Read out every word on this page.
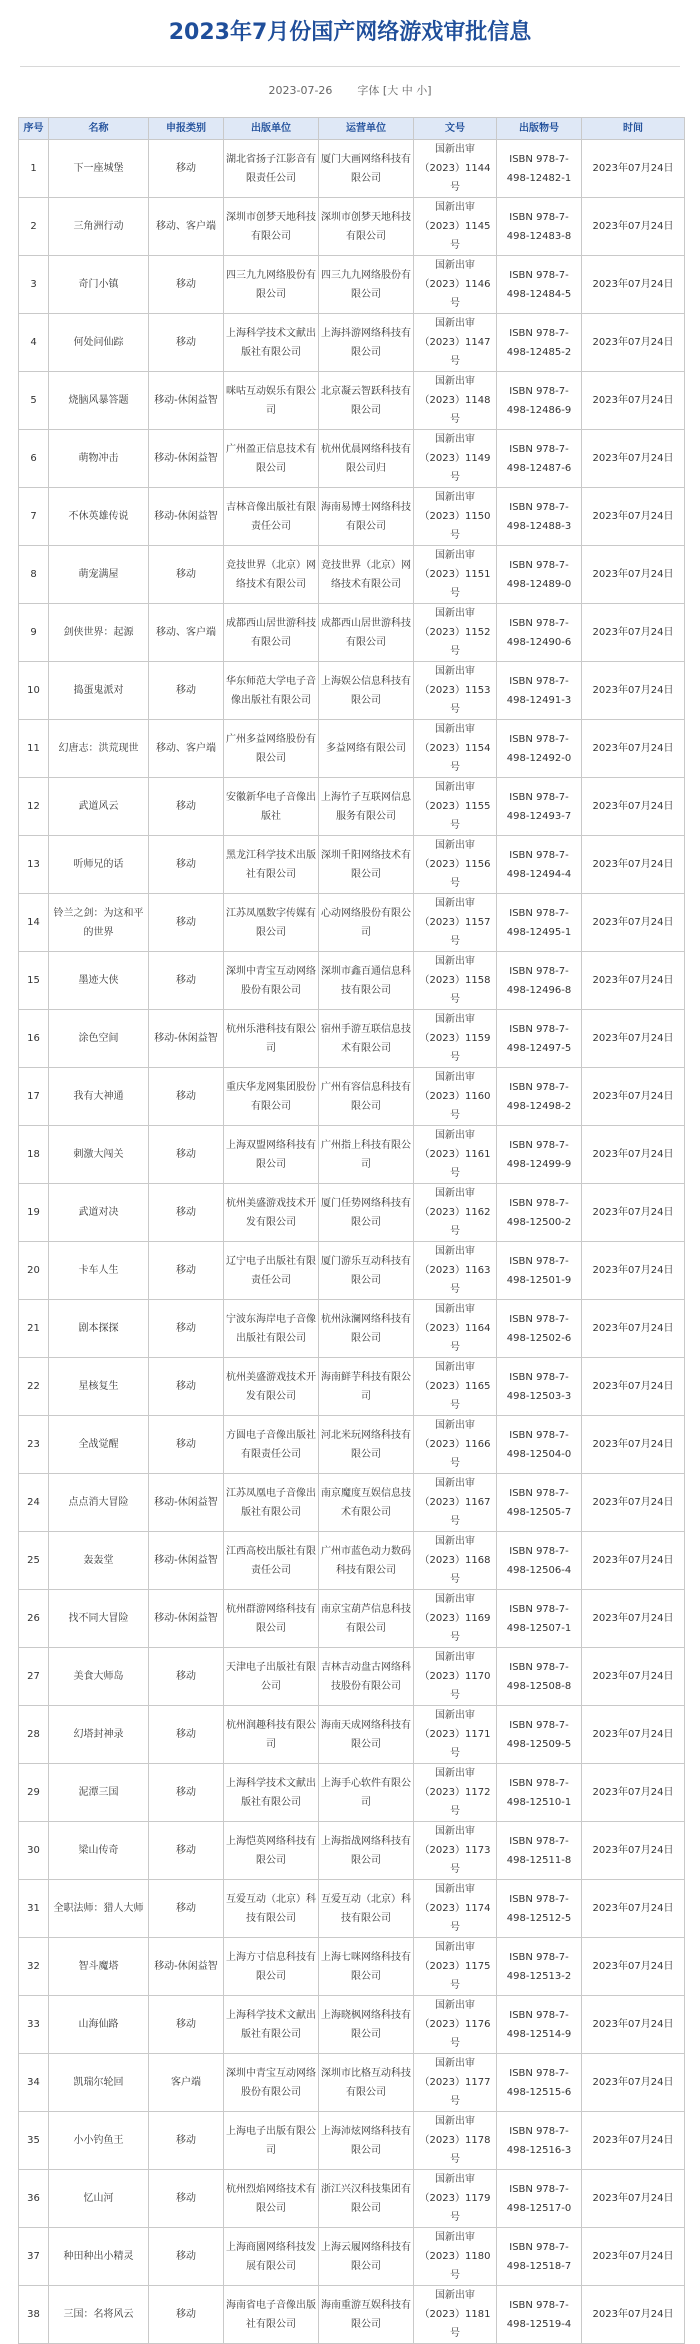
2023年7月份国产网络游戏审批信息
2023-07-26 字体 [大 中 小]
序号	名称	申报类别	出版单位	运营单位	文号	出版物号	时间
1	下一座城堡	移动	湖北省扬子江影音有限责任公司	厦门大画网络科技有限公司	国新出审（2023）1144号	ISBN 978-7-498-12482-1	2023年07月24日
2	三角洲行动	移动、客户端	深圳市创梦天地科技有限公司	深圳市创梦天地科技有限公司	国新出审（2023）1145号	ISBN 978-7-498-12483-8	2023年07月24日
3	奇门小镇	移动	四三九九网络股份有限公司	四三九九网络股份有限公司	国新出审（2023）1146号	ISBN 978-7-498-12484-5	2023年07月24日
4	何处问仙踪	移动	上海科学技术文献出版社有限公司	上海抖游网络科技有限公司	国新出审（2023）1147号	ISBN 978-7-498-12485-2	2023年07月24日
5	烧脑风暴答题	移动-休闲益智	咪咕互动娱乐有限公司	北京凝云智跃科技有限公司	国新出审（2023）1148号	ISBN 978-7-498-12486-9	2023年07月24日
6	萌物冲击	移动-休闲益智	广州盈正信息技术有限公司	杭州优晨网络科技有限公司归	国新出审（2023）1149号	ISBN 978-7-498-12487-6	2023年07月24日
7	不休英雄传说	移动-休闲益智	吉林音像出版社有限责任公司	海南易博士网络科技有限公司	国新出审（2023）1150号	ISBN 978-7-498-12488-3	2023年07月24日
8	萌宠满屋	移动	竞技世界（北京）网络技术有限公司	竞技世界（北京）网络技术有限公司	国新出审（2023）1151号	ISBN 978-7-498-12489-0	2023年07月24日
9	剑侠世界：起源	移动、客户端	成都西山居世游科技有限公司	成都西山居世游科技有限公司	国新出审（2023）1152号	ISBN 978-7-498-12490-6	2023年07月24日
10	捣蛋鬼派对	移动	华东师范大学电子音像出版社有限公司	上海娱公信息科技有限公司	国新出审（2023）1153号	ISBN 978-7-498-12491-3	2023年07月24日
11	幻唐志：洪荒现世	移动、客户端	广州多益网络股份有限公司	多益网络有限公司	国新出审（2023）1154号	ISBN 978-7-498-12492-0	2023年07月24日
12	武道风云	移动	安徽新华电子音像出版社	上海竹子互联网信息服务有限公司	国新出审（2023）1155号	ISBN 978-7-498-12493-7	2023年07月24日
13	听师兄的话	移动	黑龙江科学技术出版社有限公司	深圳千阳网络技术有限公司	国新出审（2023）1156号	ISBN 978-7-498-12494-4	2023年07月24日
14	铃兰之剑：为这和平的世界	移动	江苏凤凰数字传媒有限公司	心动网络股份有限公司	国新出审（2023）1157号	ISBN 978-7-498-12495-1	2023年07月24日
15	墨迹大侠	移动	深圳中青宝互动网络股份有限公司	深圳市鑫百通信息科技有限公司	国新出审（2023）1158号	ISBN 978-7-498-12496-8	2023年07月24日
16	涂色空间	移动-休闲益智	杭州乐港科技有限公司	宿州手游互联信息技术有限公司	国新出审（2023）1159号	ISBN 978-7-498-12497-5	2023年07月24日
17	我有大神通	移动	重庆华龙网集团股份有限公司	广州有容信息科技有限公司	国新出审（2023）1160号	ISBN 978-7-498-12498-2	2023年07月24日
18	刺激大闯关	移动	上海双盟网络科技有限公司	广州指上科技有限公司	国新出审（2023）1161号	ISBN 978-7-498-12499-9	2023年07月24日
19	武道对决	移动	杭州美盛游戏技术开发有限公司	厦门任势网络科技有限公司	国新出审（2023）1162号	ISBN 978-7-498-12500-2	2023年07月24日
20	卡车人生	移动	辽宁电子出版社有限责任公司	厦门游乐互动科技有限公司	国新出审（2023）1163号	ISBN 978-7-498-12501-9	2023年07月24日
21	剧本探探	移动	宁波东海岸电子音像出版社有限公司	杭州泳澜网络科技有限公司	国新出审（2023）1164号	ISBN 978-7-498-12502-6	2023年07月24日
22	星核复生	移动	杭州美盛游戏技术开发有限公司	海南鲜芋科技有限公司	国新出审（2023）1165号	ISBN 978-7-498-12503-3	2023年07月24日
23	全战觉醒	移动	方圆电子音像出版社有限责任公司	河北米玩网络科技有限公司	国新出审（2023）1166号	ISBN 978-7-498-12504-0	2023年07月24日
24	点点消大冒险	移动-休闲益智	江苏凤凰电子音像出版社有限公司	南京魔度互娱信息技术有限公司	国新出审（2023）1167号	ISBN 978-7-498-12505-7	2023年07月24日
25	轰轰堂	移动-休闲益智	江西高校出版社有限责任公司	广州市蓝色动力数码科技有限公司	国新出审（2023）1168号	ISBN 978-7-498-12506-4	2023年07月24日
26	找不同大冒险	移动-休闲益智	杭州群游网络科技有限公司	南京宝葫芦信息科技有限公司	国新出审（2023）1169号	ISBN 978-7-498-12507-1	2023年07月24日
27	美食大师岛	移动	天津电子出版社有限公司	吉林吉动盘古网络科技股份有限公司	国新出审（2023）1170号	ISBN 978-7-498-12508-8	2023年07月24日
28	幻塔封神录	移动	杭州润趣科技有限公司	海南天成网络科技有限公司	国新出审（2023）1171号	ISBN 978-7-498-12509-5	2023年07月24日
29	泥潭三国	移动	上海科学技术文献出版社有限公司	上海手心软件有限公司	国新出审（2023）1172号	ISBN 978-7-498-12510-1	2023年07月24日
30	梁山传奇	移动	上海恺英网络科技有限公司	上海指战网络科技有限公司	国新出审（2023）1173号	ISBN 978-7-498-12511-8	2023年07月24日
31	全职法师：猎人大师	移动	互爱互动（北京）科技有限公司	互爱互动（北京）科技有限公司	国新出审（2023）1174号	ISBN 978-7-498-12512-5	2023年07月24日
32	智斗魔塔	移动-休闲益智	上海方寸信息科技有限公司	上海七咪网络科技有限公司	国新出审（2023）1175号	ISBN 978-7-498-12513-2	2023年07月24日
33	山海仙路	移动	上海科学技术文献出版社有限公司	上海晓枫网络科技有限公司	国新出审（2023）1176号	ISBN 978-7-498-12514-9	2023年07月24日
34	凯瑞尔轮回	客户端	深圳中青宝互动网络股份有限公司	深圳市比格互动科技有限公司	国新出审（2023）1177号	ISBN 978-7-498-12515-6	2023年07月24日
35	小小钓鱼王	移动	上海电子出版有限公司	上海沛炫网络科技有限公司	国新出审（2023）1178号	ISBN 978-7-498-12516-3	2023年07月24日
36	忆山河	移动	杭州烈焰网络技术有限公司	浙江兴汉科技集团有限公司	国新出审（2023）1179号	ISBN 978-7-498-12517-0	2023年07月24日
37	种田种出小精灵	移动	上海商園网络科技发展有限公司	上海云履网络科技有限公司	国新出审（2023）1180号	ISBN 978-7-498-12518-7	2023年07月24日
38	三国：名将风云	移动	海南省电子音像出版社有限公司	海南重游互娱科技有限公司	国新出审（2023）1181号	ISBN 978-7-498-12519-4	2023年07月24日
